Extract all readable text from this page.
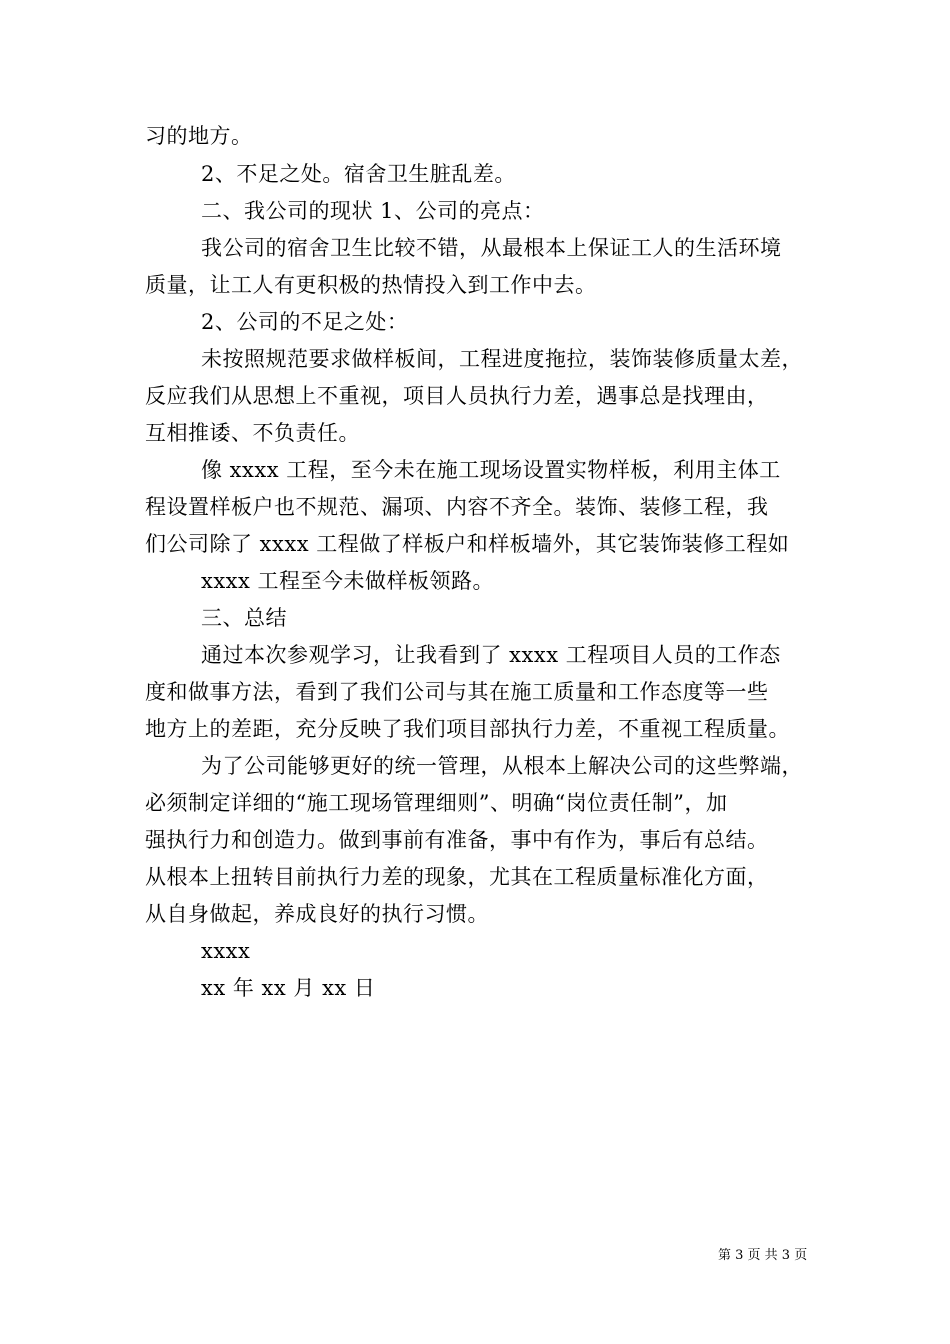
习的地方。
2、不足之处。宿舍卫生脏乱差。
二、我公司的现状 1、公司的亮点：
我公司的宿舍卫生比较不错，从最根本上保证工人的生活环境
质量，让工人有更积极的热情投入到工作中去。
2、公司的不足之处：
未按照规范要求做样板间，工程进度拖拉，装饰装修质量太差，
反应我们从思想上不重视，项目人员执行力差，遇事总是找理由，
互相推诿、不负责任。
像 xxxx 工程，至今未在施工现场设置实物样板，利用主体工
程设置样板户也不规范、漏项、内容不齐全。装饰、装修工程，我
们公司除了 xxxx 工程做了样板户和样板墙外，其它装饰装修工程如
xxxx 工程至今未做样板领路。
三、总结
通过本次参观学习，让我看到了 xxxx 工程项目人员的工作态
度和做事方法，看到了我们公司与其在施工质量和工作态度等一些
地方上的差距，充分反映了我们项目部执行力差，不重视工程质量。
为了公司能够更好的统一管理，从根本上解决公司的这些弊端，
必须制定详细的“施工现场管理细则”、明确“岗位责任制”，加
强执行力和创造力。做到事前有准备，事中有作为，事后有总结。
从根本上扭转目前执行力差的现象，尤其在工程质量标准化方面，
从自身做起，养成良好的执行习惯。
xxxx
xx 年 xx 月 xx 日
第 3 页 共 3 页
